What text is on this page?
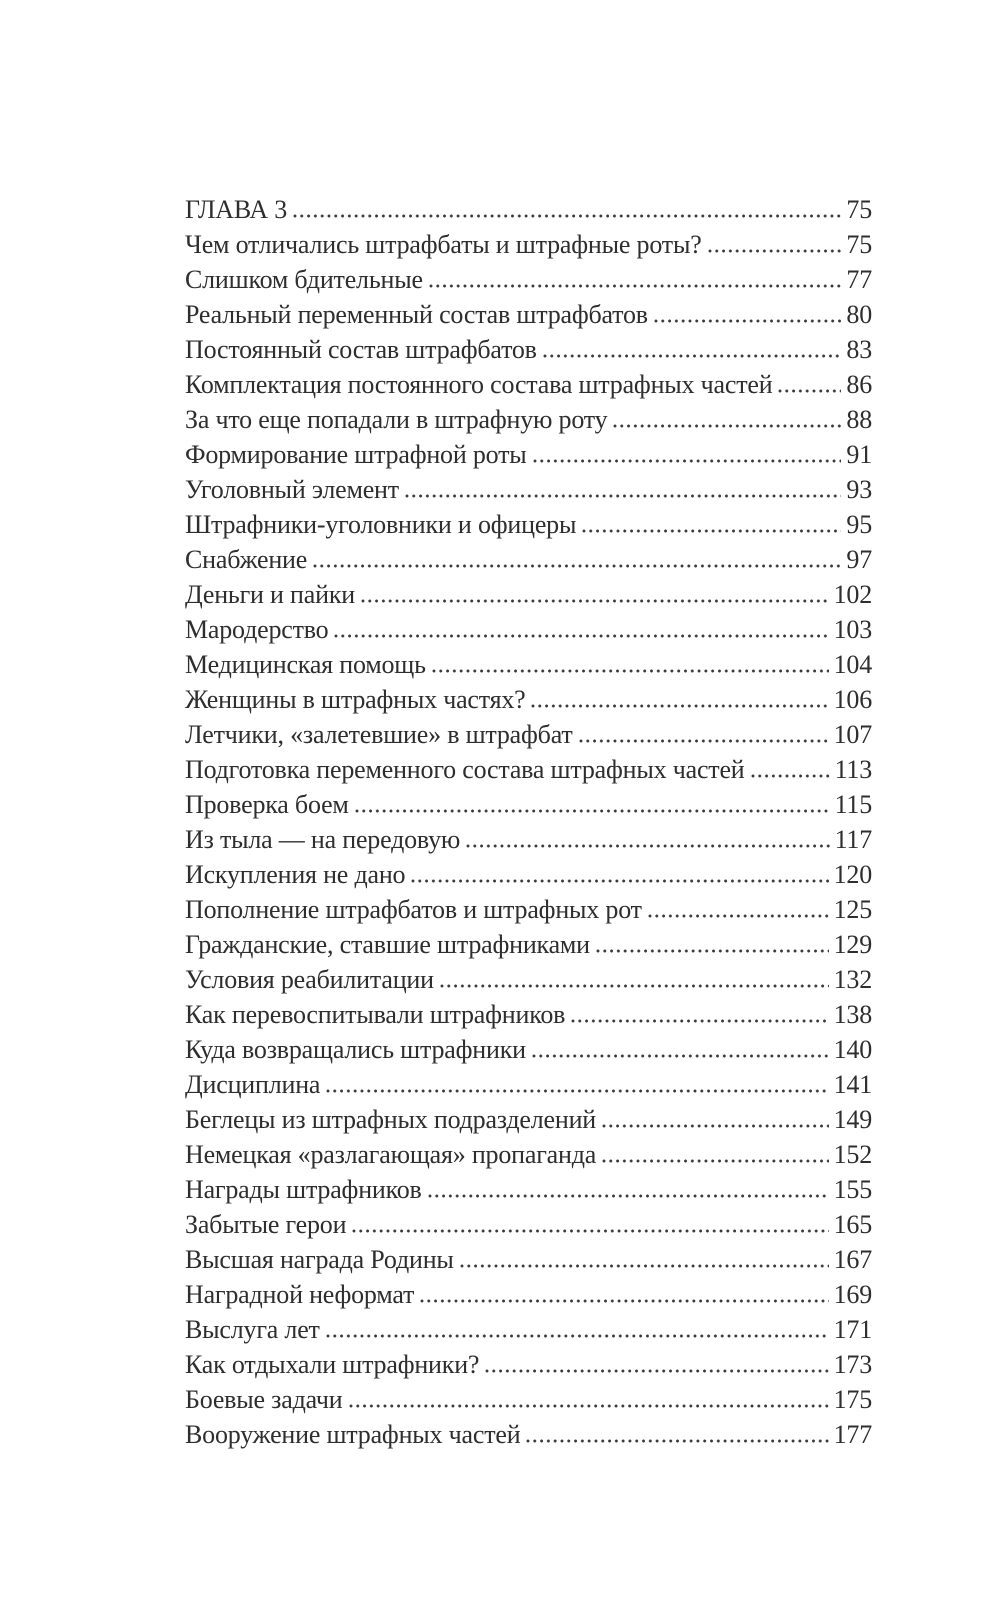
ГЛАВА 3	75
Чем отличались штрафбаты и штрафные роты?	75
Слишком бдительные	77
Реальный переменный состав штрафбатов	80
Постоянный состав штрафбатов	83
Комплектация постоянного состава штрафных частей	86
За что еще попадали в штрафную роту	88
Формирование штрафной роты	91
Уголовный элемент	93
Штрафники-уголовники и офицеры	95
Снабжение	97
Деньги и пайки	102
Мародерство	103
Медицинская помощь	104
Женщины в штрафных частях?	106
Летчики, «залетевшие» в штрафбат	107
Подготовка переменного состава штрафных частей	113
Проверка боем	115
Из тыла — на передовую	117
Искупления не дано	120
Пополнение штрафбатов и штрафных рот	125
Гражданские, ставшие штрафниками	129
Условия реабилитации	132
Как перевоспитывали штрафников	138
Куда возвращались штрафники	140
Дисциплина	141
Беглецы из штрафных подразделений	149
Немецкая «разлагающая» пропаганда	152
Награды штрафников	155
Забытые герои	165
Высшая награда Родины	167
Наградной неформат	169
Выслуга лет	171
Как отдыхали штрафники?	173
Боевые задачи	175
Вооружение штрафных частей	177
